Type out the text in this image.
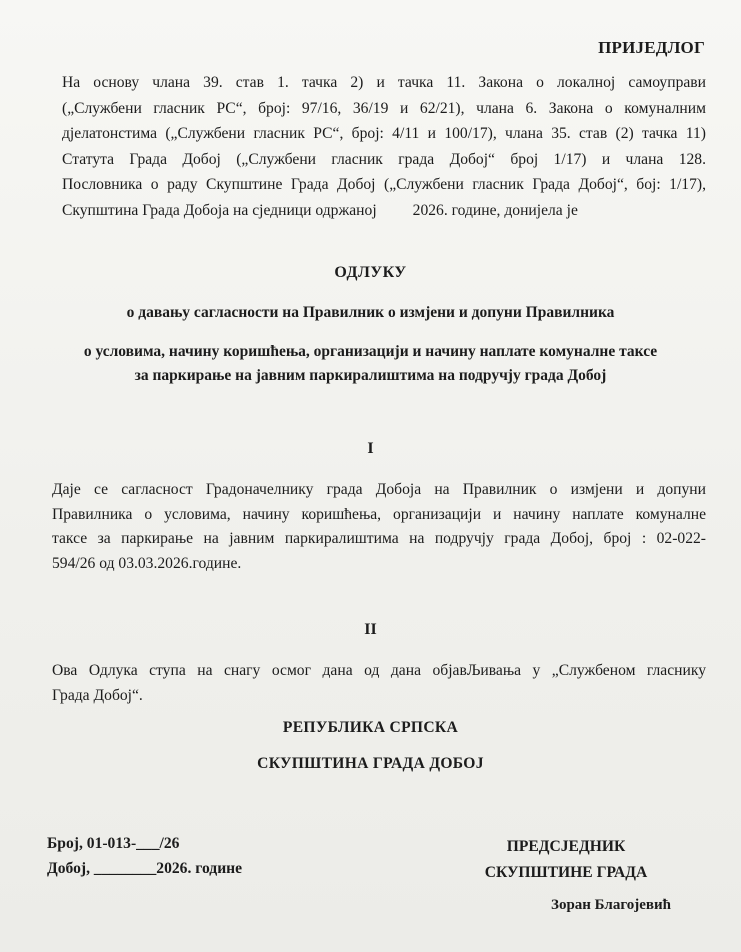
ПРИЈЕДЛОГ
На основу члана 39. став 1. тачка 2) и тачка 11. Закона о локалној самоуправи
(„Службени гласник РС“, број: 97/16, 36/19 и 62/21), члана 6. Закона о комуналним
дјелатонстима („Службени гласник РС“, број: 4/11 и 100/17), члана 35. став (2) тачка 11)
Статута Града Добој („Службени гласник града Добој“ број 1/17) и члана 128.
Пословника о раду Скупштине Града Добој („Службени гласник Града Добој“, бој: 1/17),
Скупштина Града Добоја на сједници одржаној 2026. године, донијела је
ОДЛУКУ
о давању сагласности на Правилник о измјени и допуни Правилника
о условима, начину коришћења, организацији и начину наплате комуналне таксе
за паркирање на јавним паркиралиштима на подручју града Добој
I
Даје се сагласност Градоначелнику града Добоја на Правилник о измјени и допуни
Правилника о условима, начину коришћења, организацији и начину наплате комуналне
таксе за паркирање на јавним паркиралиштима на подручју града Добој, број : 02-022-
594/26 од 03.03.2026.године.
II
Ова Одлука ступа на снагу осмог дана од дана објавЉивања у „Службеном гласнику
Града Добој“.
РЕПУБЛИКА СРПСКА
СКУПШТИНА ГРАДА ДОБОЈ
Број, 01-013-___/26
Добој, ________2026. године
ПРЕДСЈЕДНИК
СКУПШТИНЕ ГРАДА
Зоран Благојевић
